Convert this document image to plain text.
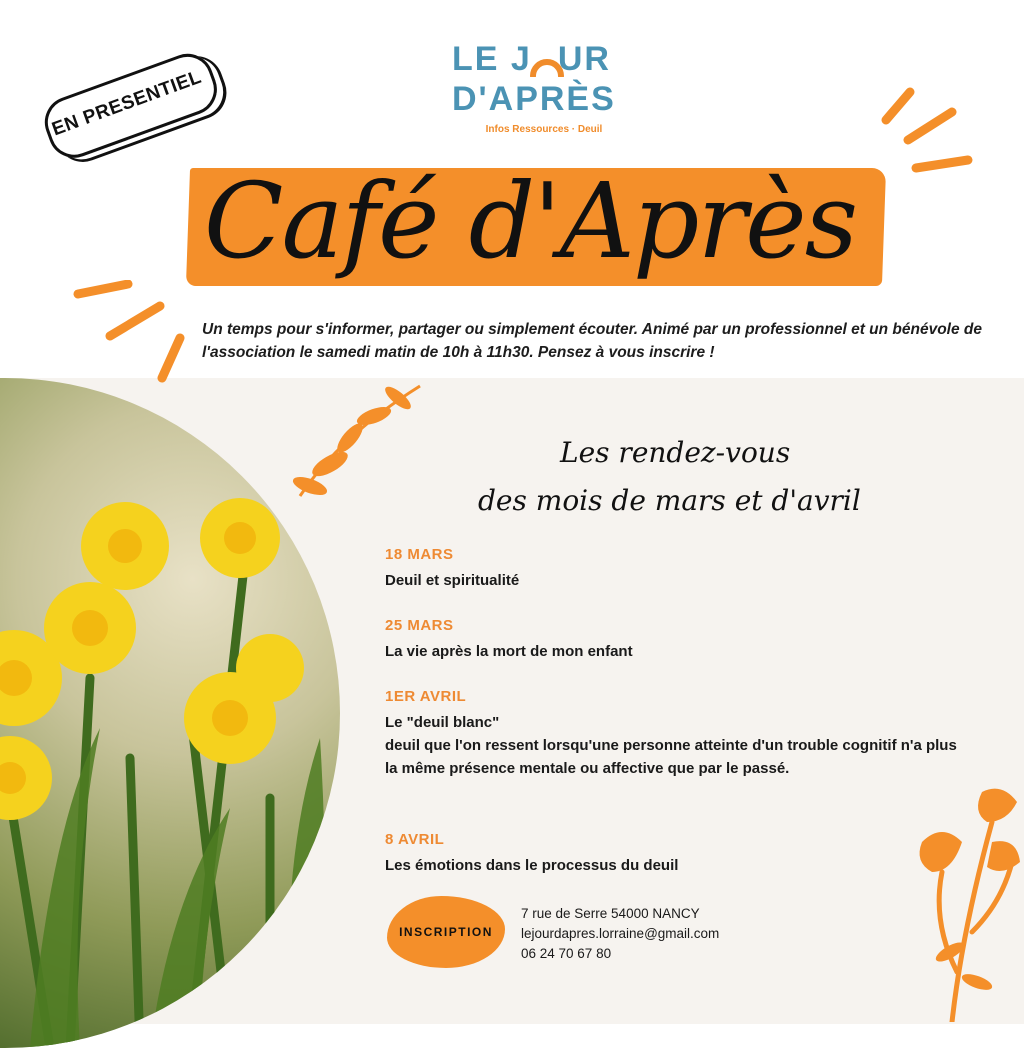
EN PRESENTIEL
LE J UR
D'APRÈS
Infos Ressources · Deuil
Café d'Après
Un temps pour s'informer, partager ou simplement écouter. Animé par un professionnel et un bénévole de l'association le samedi matin de 10h à 11h30. Pensez à vous inscrire !
Les rendez-vous
des mois de mars et d'avril
18 MARS
Deuil et spiritualité
25 MARS
La vie après la mort de mon enfant
1ER AVRIL
Le "deuil blanc"
deuil que l'on ressent lorsqu'une personne atteinte d'un trouble cognitif n'a plus la même présence mentale ou affective que par le passé.
8 AVRIL
Les émotions dans le processus du deuil
INSCRIPTION
7 rue de Serre 54000 NANCY
lejourdapres.lorraine@gmail.com
06 24 70 67 80
